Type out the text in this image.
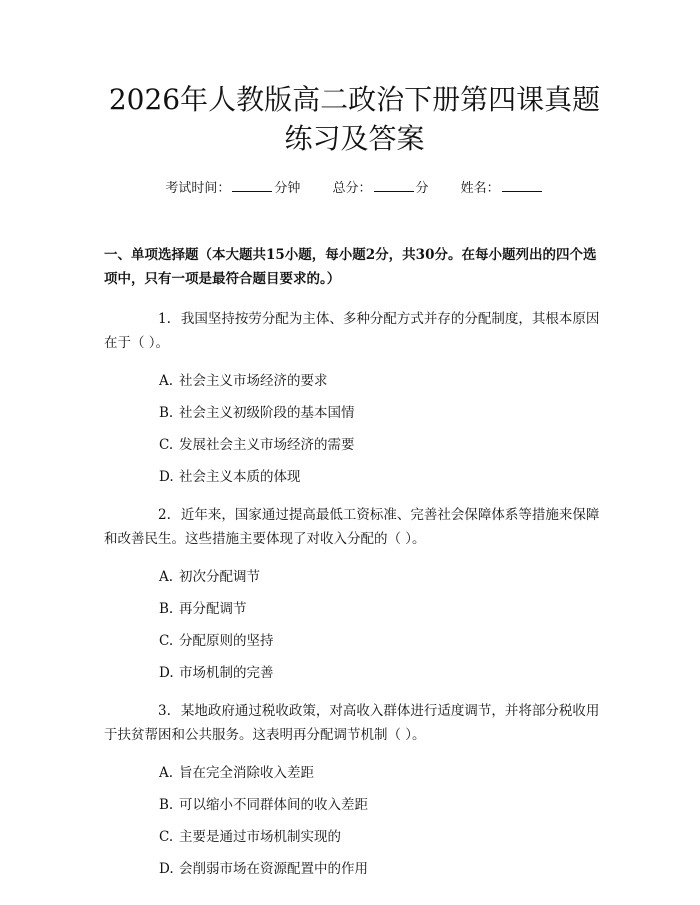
2026年人教版高二政治下册第四课真题练习及答案
考试时间：	分钟 总分：	分 姓名：
一、单项选择题（本大题共15小题，每小题2分，共30分。在每小题列出的四个选项中，只有一项是最符合题目要求的。）

1. 我国坚持按劳分配为主体、多种分配方式并存的分配制度，其根本原因在于（ ）。

A. 社会主义市场经济的要求
B. 社会主义初级阶段的基本国情
C. 发展社会主义市场经济的需要
D. 社会主义本质的体现

2. 近年来，国家通过提高最低工资标准、完善社会保障体系等措施来保障和改善民生。这些措施主要体现了对收入分配的（ ）。

A. 初次分配调节
B. 再分配调节
C. 分配原则的坚持
D. 市场机制的完善

3. 某地政府通过税收政策，对高收入群体进行适度调节，并将部分税收用于扶贫帮困和公共服务。这表明再分配调节机制（ ）。

A. 旨在完全消除收入差距
B. 可以缩小不同群体间的收入差距
C. 主要是通过市场机制实现的
D. 会削弱市场在资源配置中的作用
